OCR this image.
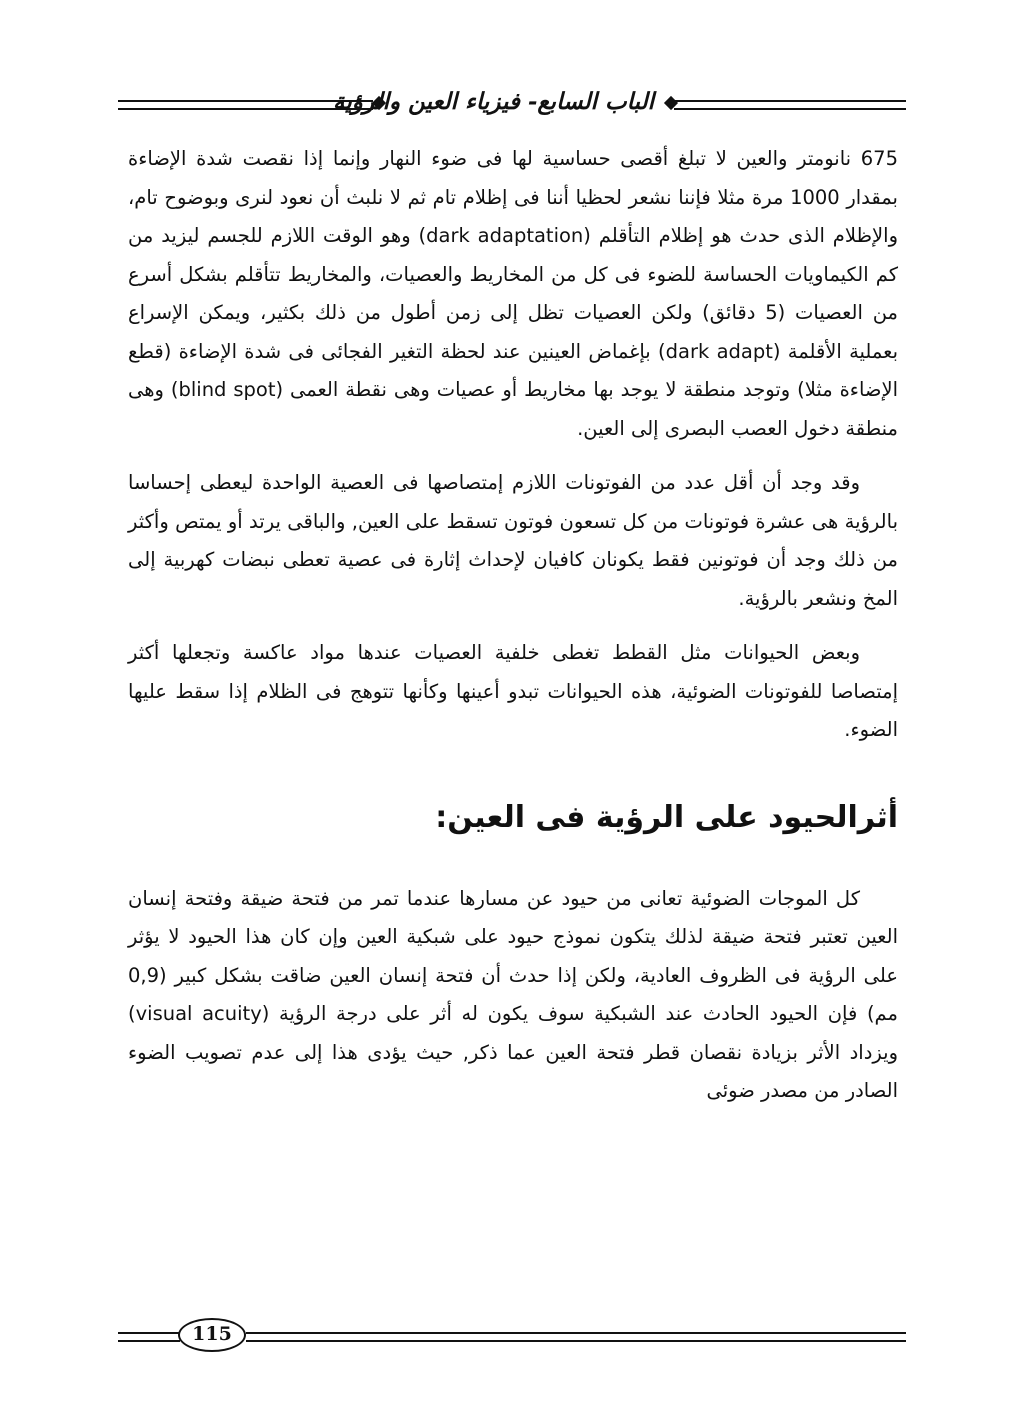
الباب السابع- فيزياء العين والرؤية

675 نانومتر والعين لا تبلغ أقصى حساسية لها فى ضوء النهار وإنما إذا نقصت شدة الإضاءة بمقدار 1000 مرة مثلا فإننا نشعر لحظيا أننا فى إظلام تام ثم لا نلبث أن نعود لنرى وبوضوح تام، والإظلام الذى حدث هو إظلام التأقلم (dark adaptation) وهو الوقت اللازم للجسم ليزيد من كم الكيماويات الحساسة للضوء فى كل من المخاريط والعصيات، والمخاريط تتأقلم بشكل أسرع من العصيات (5 دقائق) ولكن العصيات تظل إلى زمن أطول من ذلك بكثير، ويمكن الإسراع بعملية الأقلمة (dark adapt) بإغماض العينين عند لحظة التغير الفجائى فى شدة الإضاءة (قطع الإضاءة مثلا) وتوجد منطقة لا يوجد بها مخاريط أو عصيات وهى نقطة العمى (blind spot) وهى منطقة دخول العصب البصرى إلى العين.

وقد وجد أن أقل عدد من الفوتونات اللازم إمتصاصها فى العصية الواحدة ليعطى إحساسا بالرؤية هى عشرة فوتونات من كل تسعون فوتون تسقط على العين, والباقى يرتد أو يمتص وأكثر من ذلك وجد أن فوتونين فقط يكونان كافيان لإحداث إثارة فى عصية تعطى نبضات كهربية إلى المخ ونشعر بالرؤية.

وبعض الحيوانات مثل القطط تغطى خلفية العصيات عندها مواد عاكسة وتجعلها أكثر إمتصاصا للفوتونات الضوئية، هذه الحيوانات تبدو أعينها وكأنها تتوهج فى الظلام إذا سقط عليها الضوء.

أثرالحيود على الرؤية فى العين:

كل الموجات الضوئية تعانى من حيود عن مسارها عندما تمر من فتحة ضيقة وفتحة إنسان العين تعتبر فتحة ضيقة لذلك يتكون نموذج حيود على شبكية العين وإن كان هذا الحيود لا يؤثر على الرؤية فى الظروف العادية، ولكن إذا حدث أن فتحة إنسان العين ضاقت بشكل كبير (0,9 مم) فإن الحيود الحادث عند الشبكية سوف يكون له أثر على درجة الرؤية (visual acuity) ويزداد الأثر بزيادة نقصان قطر فتحة العين عما ذكر, حيث يؤدى هذا إلى عدم تصويب الضوء الصادر من مصدر ضوئى

115
